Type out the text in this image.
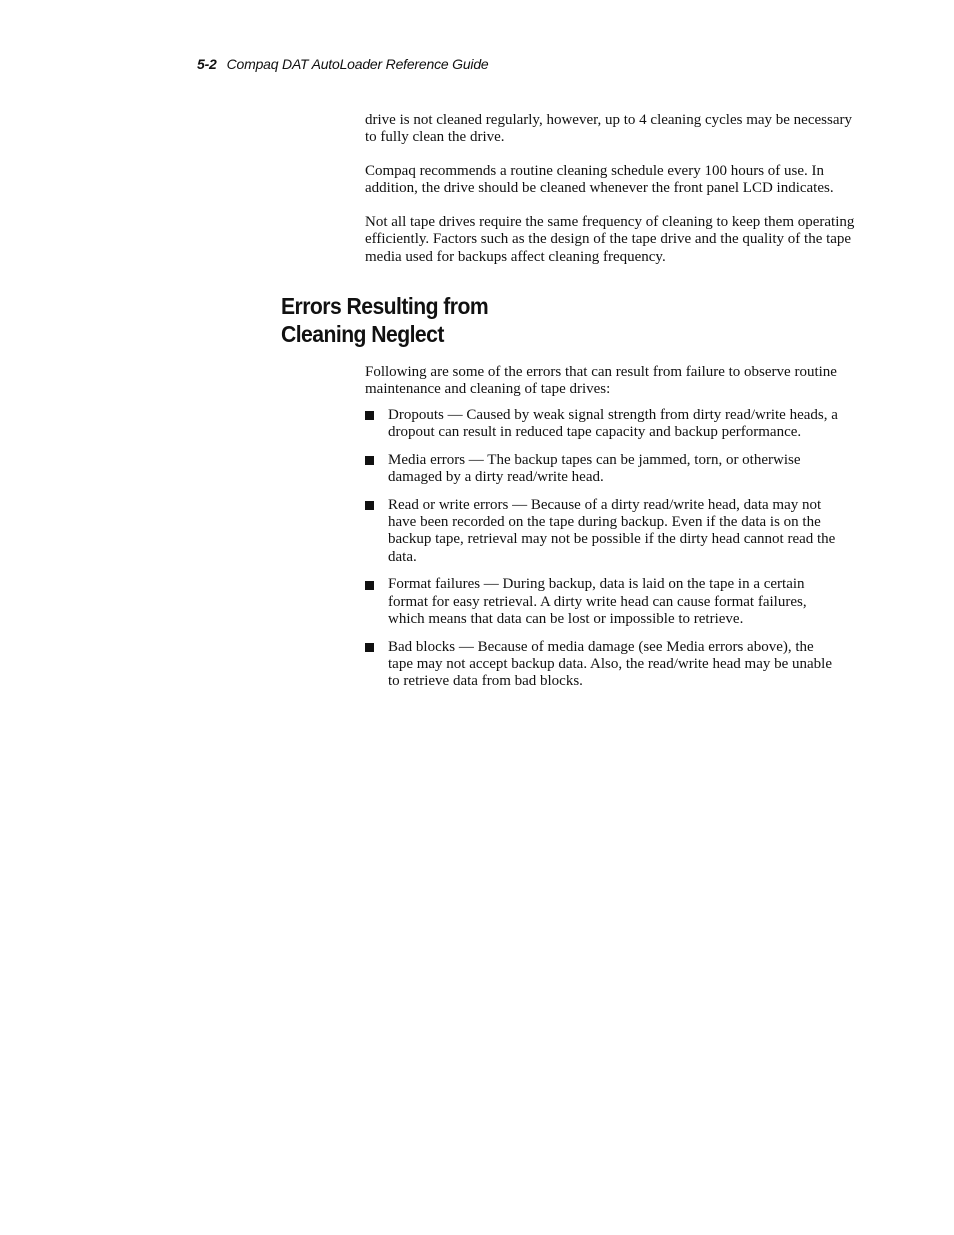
5-2 Compaq DAT AutoLoader Reference Guide

drive is not cleaned regularly, however, up to 4 cleaning cycles may be necessary to fully clean the drive.

Compaq recommends a routine cleaning schedule every 100 hours of use. In addition, the drive should be cleaned whenever the front panel LCD indicates.

Not all tape drives require the same frequency of cleaning to keep them operating efficiently. Factors such as the design of the tape drive and the quality of the tape media used for backups affect cleaning frequency.

Errors Resulting from
Cleaning Neglect

Following are some of the errors that can result from failure to observe routine maintenance and cleaning of tape drives:

Dropouts — Caused by weak signal strength from dirty read/write heads, a dropout can result in reduced tape capacity and backup performance.
Media errors — The backup tapes can be jammed, torn, or otherwise damaged by a dirty read/write head.
Read or write errors — Because of a dirty read/write head, data may not have been recorded on the tape during backup. Even if the data is on the backup tape, retrieval may not be possible if the dirty head cannot read the data.
Format failures — During backup, data is laid on the tape in a certain format for easy retrieval. A dirty write head can cause format failures, which means that data can be lost or impossible to retrieve.
Bad blocks — Because of media damage (see Media errors above), the tape may not accept backup data. Also, the read/write head may be unable to retrieve data from bad blocks.
